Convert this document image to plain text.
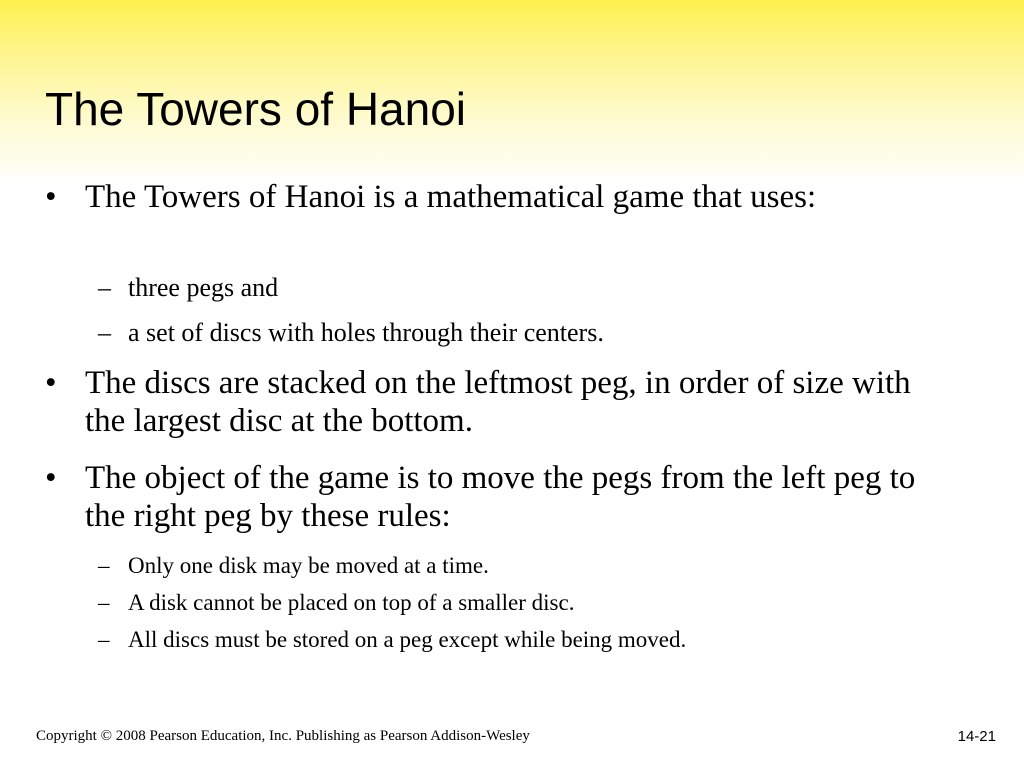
The Towers of Hanoi
• The Towers of Hanoi is a mathematical game that uses:
– three pegs and
– a set of discs with holes through their centers.
• The discs are stacked on the leftmost peg, in order of size with the largest disc at the bottom.
• The object of the game is to move the pegs from the left peg to the right peg by these rules:
– Only one disk may be moved at a time.
– A disk cannot be placed on top of a smaller disc.
– All discs must be stored on a peg except while being moved.
Copyright © 2008 Pearson Education, Inc. Publishing as Pearson Addison-Wesley	14-21
